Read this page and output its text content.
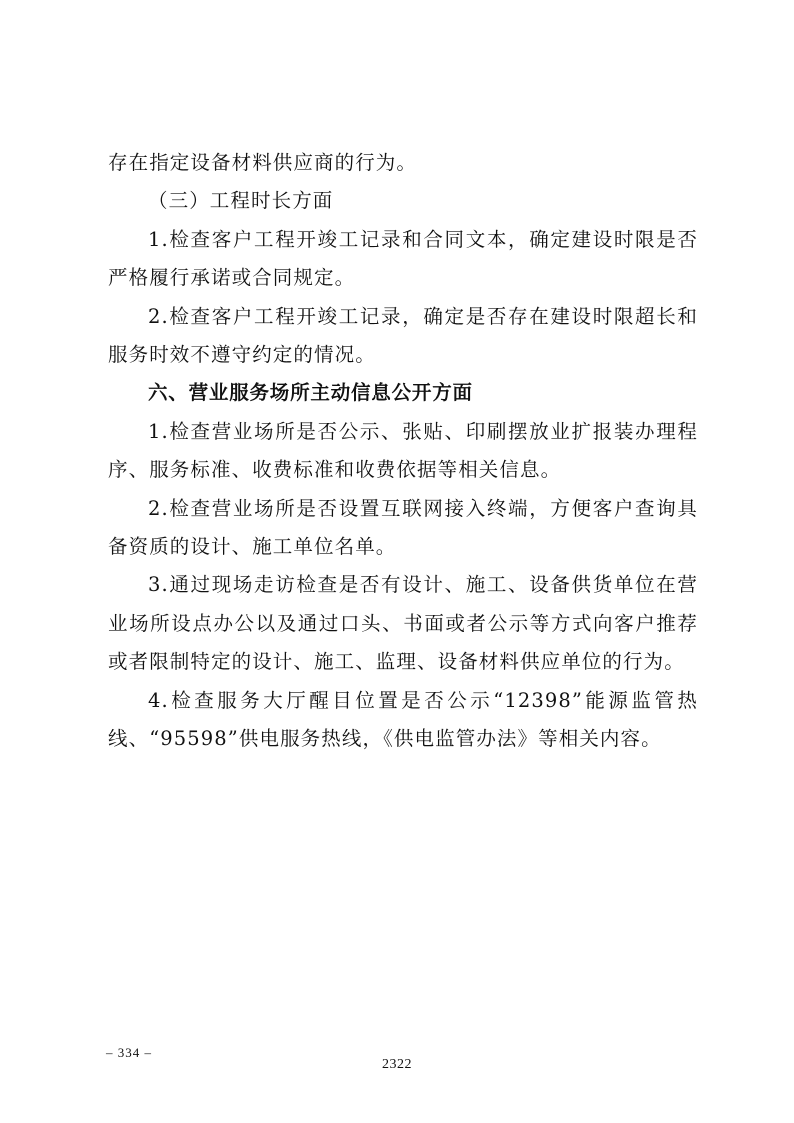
存在指定设备材料供应商的行为。

（三）工程时长方面

1.检查客户工程开竣工记录和合同文本，确定建设时限是否严格履行承诺或合同规定。

2.检查客户工程开竣工记录，确定是否存在建设时限超长和服务时效不遵守约定的情况。

六、营业服务场所主动信息公开方面

1.检查营业场所是否公示、张贴、印刷摆放业扩报装办理程序、服务标准、收费标准和收费依据等相关信息。

2.检查营业场所是否设置互联网接入终端，方便客户查询具备资质的设计、施工单位名单。

3.通过现场走访检查是否有设计、施工、设备供货单位在营业场所设点办公以及通过口头、书面或者公示等方式向客户推荐或者限制特定的设计、施工、监理、设备材料供应单位的行为。

4.检查服务大厅醒目位置是否公示“12398”能源监管热线、“95598”供电服务热线，《供电监管办法》等相关内容。

– 334 –
2322
